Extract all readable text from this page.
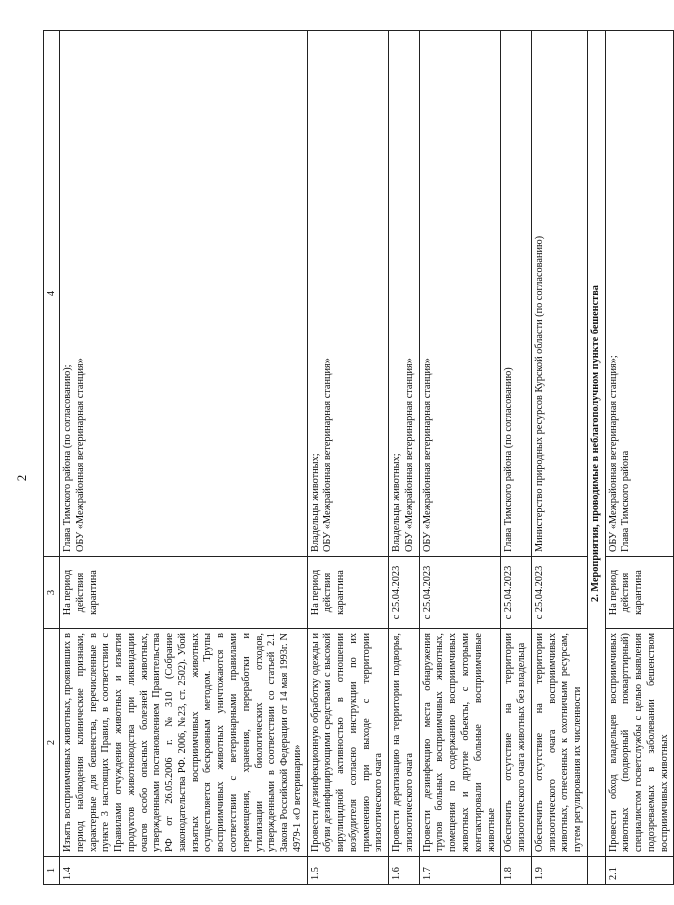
2
1	2	3	4
1.4	Изъять восприимчивых животных, проявивших в период наблюдения клинические признаки, характерные для бешенства, перечисленные в пункте 3 настоящих Правил, в соответствии с Правилами отчуждения животных и изъятия продуктов животноводства при ликвидации очагов особо опасных болезней животных, утвержденными постановлением Правительства РФ от 26.05.2006 г. №310 (Собрание законодательства РФ. 2006, №23, ст. 2502). Убой изъятых восприимчивых животных осуществляется бескровным методом. Трупы восприимчивых животных уничтожаются в соответствии с ветеринарными правилами перемещения, хранения, переработки и утилизации биологических отходов, утвержденными в соответствии со статьей 2.1 Закона Российской Федерации от 14 мая 1993г. N 4979-1 «О ветеринарии»	На период действия карантина	Глава Тимского района (по согласованию); ОБУ «Межрайонная ветеринарная станция»

1.5	Провести дезинфекционную обработку одежды и обуви дезинфицирующими средствами с высокой вирулицидной активностью в отношении возбудителя согласно инструкции по их применению при выходе с территории эпизоотического очага	На период действия карантина	Владельцы животных; ОБУ «Межрайонная ветеринарная станция»

1.6	Провести дератизацию на территории подворья, эпизоотического очага	с 25.04.2023	Владельцы животных; ОБУ «Межрайонная ветеринарная станция»

1.7	Провести дезинфекцию места обнаружения трупов больных восприимчивых животных, помещения по содержанию восприимчивых животных и другие объекты, с которыми контактировали больные восприимчивые животные	с 25.04.2023	ОБУ «Межрайонная ветеринарная станция»

1.8	Обеспечить отсутствие на территории эпизоотического очага животных без владельца	с 25.04.2023	Глава Тимского района (по согласованию)

1.9	Обеспечить отсутствие на территории эпизоотического очага восприимчивых животных, отнесенных к охотничьим ресурсам, путем регулирования их численности	с 25.04.2023	Министерство природных ресурсов Курской области (по согласованию)

	2. Мероприятия, проводимые в неблагополучном пункте бешенства		
2.1	Провести обход владельцев восприимчивых животных (подворный покварттирный) специалистом госветслужбы с целью выявления подозреваемых в заболевании бешенством восприимчивых животных	На период действия карантина	ОБУ «Межрайонная ветеринарная станция»; Глава Тимского района
